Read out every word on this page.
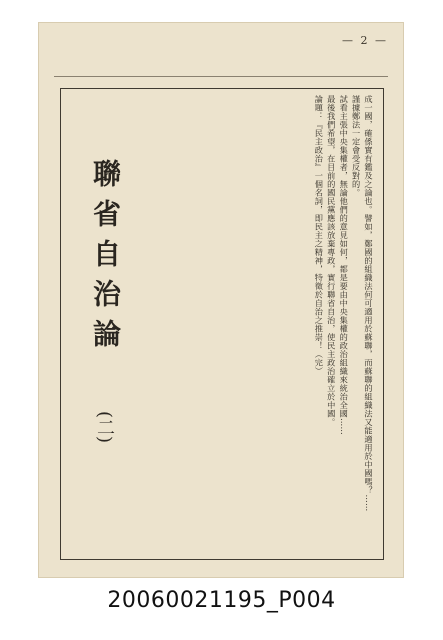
— 2 —

成一國，確係實有鑑及之論也。譬如，鄭國的組織法何可適用於蘇聯，而蘇聯的組織法又能適用於中國嗎？……

謹據鄭法一定會受反對的。

試看主張中央集權者，無論他們的意見如何，都是要由中央集權的政治組織來統治全國……

最後我們希望，在目前的國民黨應該放棄專政，實行聯省自治，使民主政治確立於中國。

論題：『民主政治』一個名詞，即民主之精神，特徵於自治之推崇！（完）

聯省自治論
(二)
20060021195_P004
